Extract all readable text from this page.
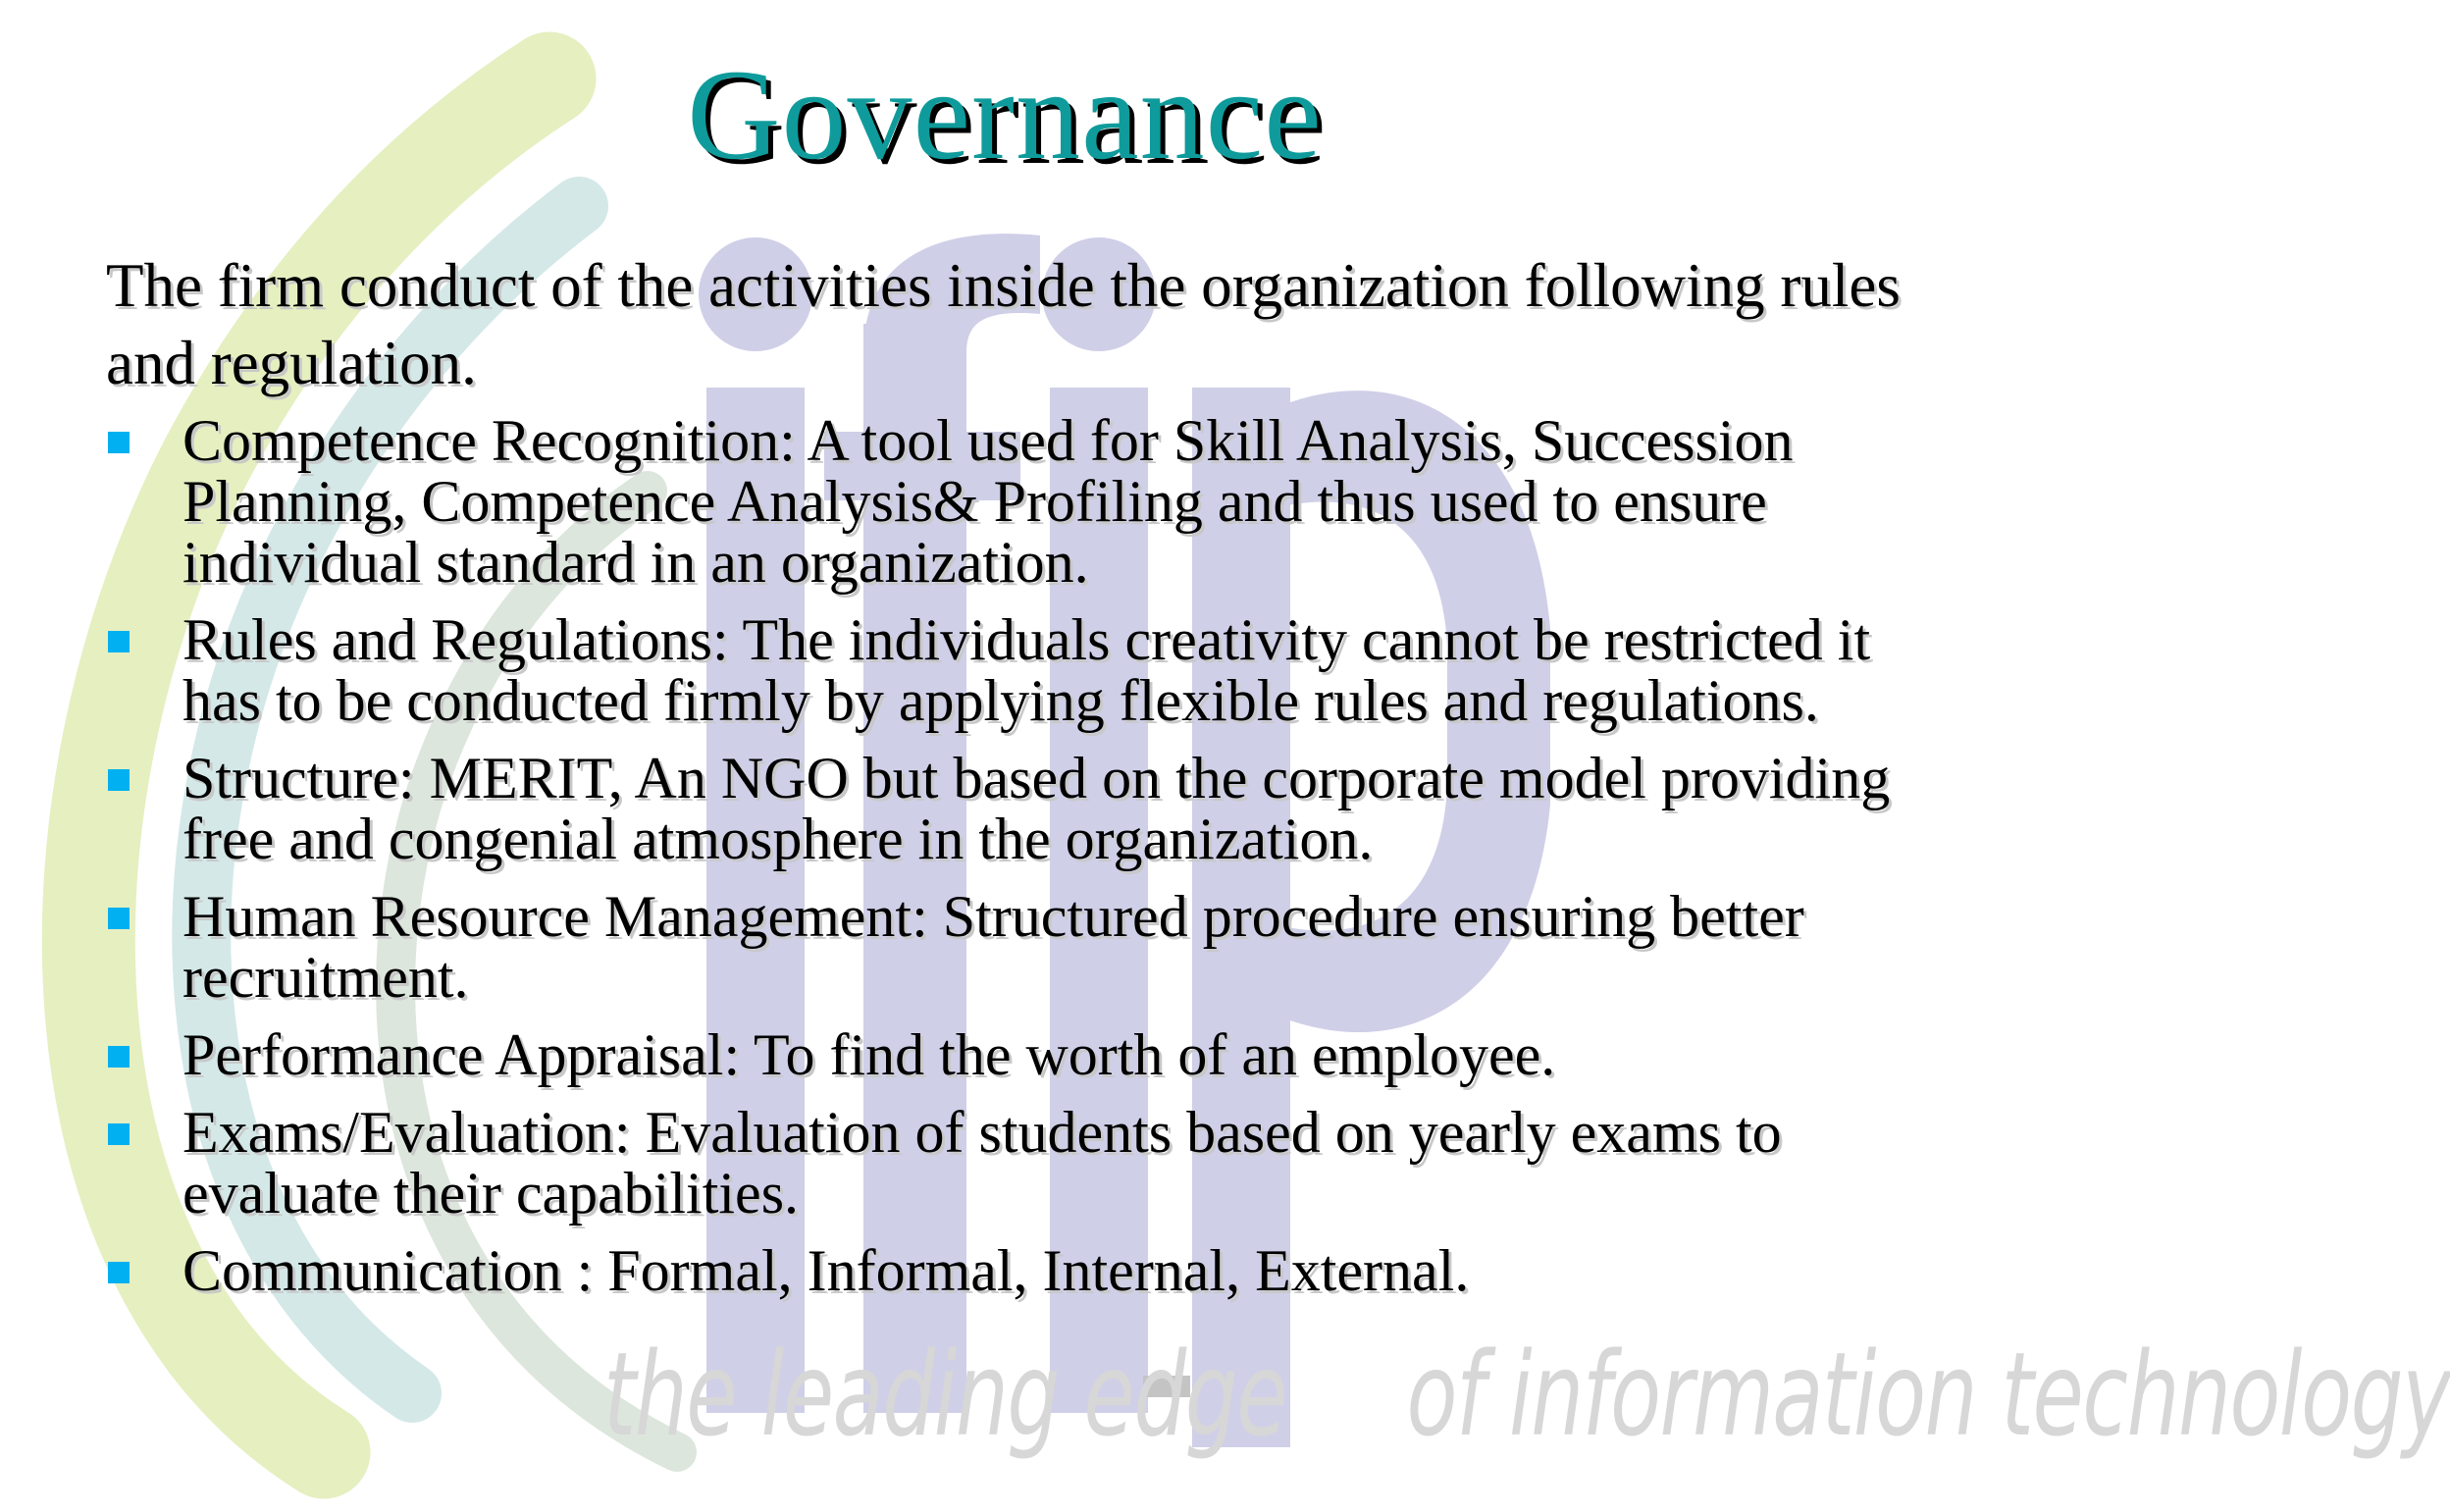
the leading edge of information technology
Governance

The firm conduct of the activities inside the organization following rules and regulation.

Competence Recognition: A tool used for Skill Analysis, Succession Planning, Competence Analysis& Profiling and thus used to ensure individual standard in an organization.
Rules and Regulations: The individuals creativity cannot be restricted it has to be conducted firmly by applying flexible rules and regulations.
Structure: MERIT, An NGO but based on the corporate model providing free and congenial atmosphere in the organization.
Human Resource Management: Structured procedure ensuring better recruitment.
Performance Appraisal: To find the worth of an employee.
Exams/Evaluation: Evaluation of students based on yearly exams to evaluate their capabilities.
Communication : Formal, Informal, Internal, External.
